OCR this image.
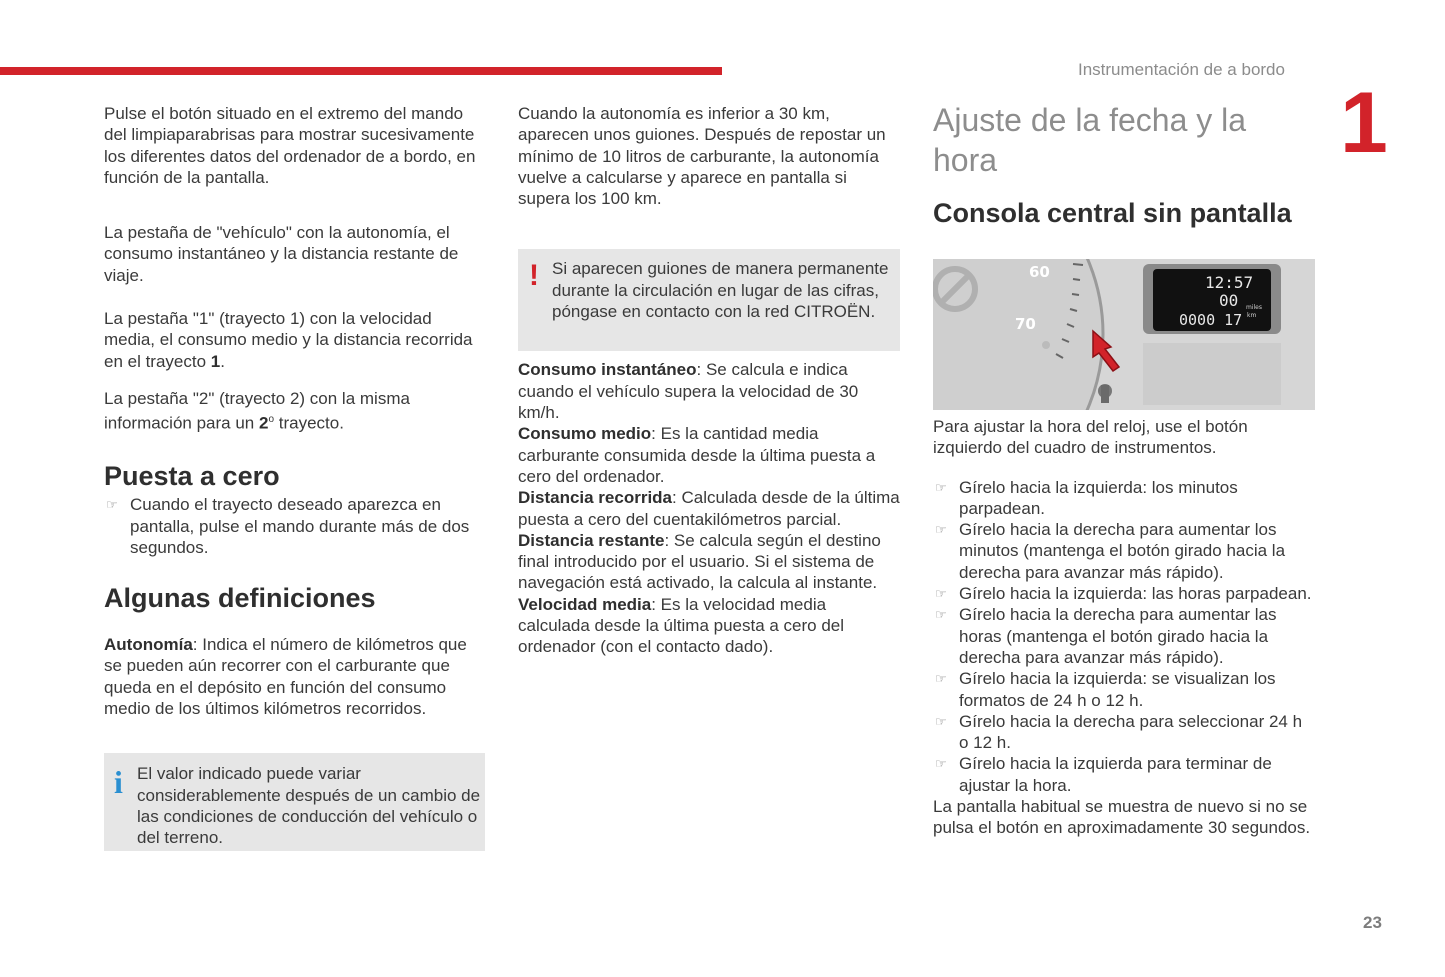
Instrumentación de a bordo
1
23

Pulse el botón situado en el extremo del mando del limpiaparabrisas para mostrar sucesivamente los diferentes datos del ordenador de a bordo, en función de la pantalla.

La pestaña de "vehículo" con la autonomía, el consumo instantáneo y la distancia restante de viaje.

La pestaña "1" (trayecto 1) con la velocidad media, el consumo medio y la distancia recorrida en el trayecto 1.

La pestaña "2" (trayecto 2) con la misma información para un 2$^o$ trayecto.

Puesta a cero
☞ Cuando el trayecto deseado aparezca en pantalla, pulse el mando durante más de dos segundos.
Algunas definiciones

Autonomía: Indica el número de kilómetros que se pueden aún recorrer con el carburante que queda en el depósito en función del consumo medio de los últimos kilómetros recorridos.

i El valor indicado puede variar considerablemente después de un cambio de las condiciones de conducción del vehículo o del terreno.

Cuando la autonomía es inferior a 30 km, aparecen unos guiones. Después de repostar un mínimo de 10 litros de carburante, la autonomía vuelve a calcularse y aparece en pantalla si supera los 100 km.

! Si aparecen guiones de manera permanente durante la circulación en lugar de las cifras, póngase en contacto con la red CITROËN.

Consumo instantáneo: Se calcula e indica cuando el vehículo supera la velocidad de 30 km/h.

Consumo medio: Es la cantidad media carburante consumida desde la última puesta a cero del ordenador.

Distancia recorrida: Calculada desde de la última puesta a cero del cuentakilómetros parcial.

Distancia restante: Se calcula según el destino final introducido por el usuario. Si el sistema de navegación está activado, la calcula al instante.

Velocidad media: Es la velocidad media calculada desde la última puesta a cero del ordenador (con el contacto dado).

Ajuste de la fecha y la hora
Consola central sin pantalla
60
70
12:57
00 miles
km
0000 17

Para ajustar la hora del reloj, use el botón izquierdo del cuadro de instrumentos.

☞ Gírelo hacia la izquierda: los minutos parpadean.
☞ Gírelo hacia la derecha para aumentar los minutos (mantenga el botón girado hacia la derecha para avanzar más rápido).
☞ Gírelo hacia la izquierda: las horas parpadean.
☞ Gírelo hacia la derecha para aumentar las horas (mantenga el botón girado hacia la derecha para avanzar más rápido).
☞ Gírelo hacia la izquierda: se visualizan los formatos de 24 h o 12 h.
☞ Gírelo hacia la derecha para seleccionar 24 h o 12 h.
☞ Gírelo hacia la izquierda para terminar de ajustar la hora.

La pantalla habitual se muestra de nuevo si no se pulsa el botón en aproximadamente 30 segundos.
